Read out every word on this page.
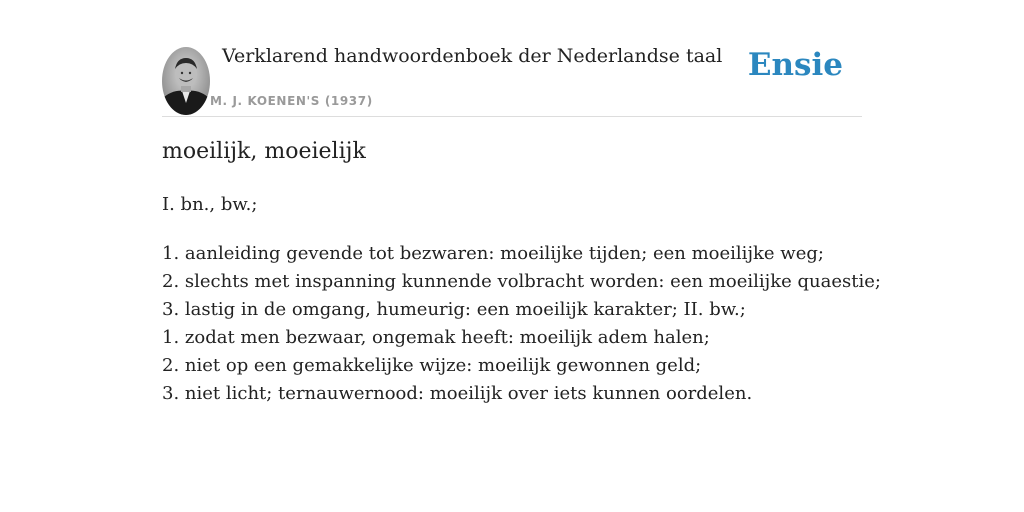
Verklarend handwoordenboek der Nederlandse taal
M. J. KOENEN'S (1937)
Ensie
moeilijk, moeielijk

I. bn., bw.;

1. aanleiding gevende tot bezwaren: moeilijke tijden; een moeilijke weg;
2. slechts met inspanning kunnende volbracht worden: een moeilijke quaestie;
3. lastig in de omgang, humeurig: een moeilijk karakter; II. bw.;
1. zodat men bezwaar, ongemak heeft: moeilijk adem halen;
2. niet op een gemakkelijke wijze: moeilijk gewonnen geld;
3. niet licht; ternauwernood: moeilijk over iets kunnen oordelen.
